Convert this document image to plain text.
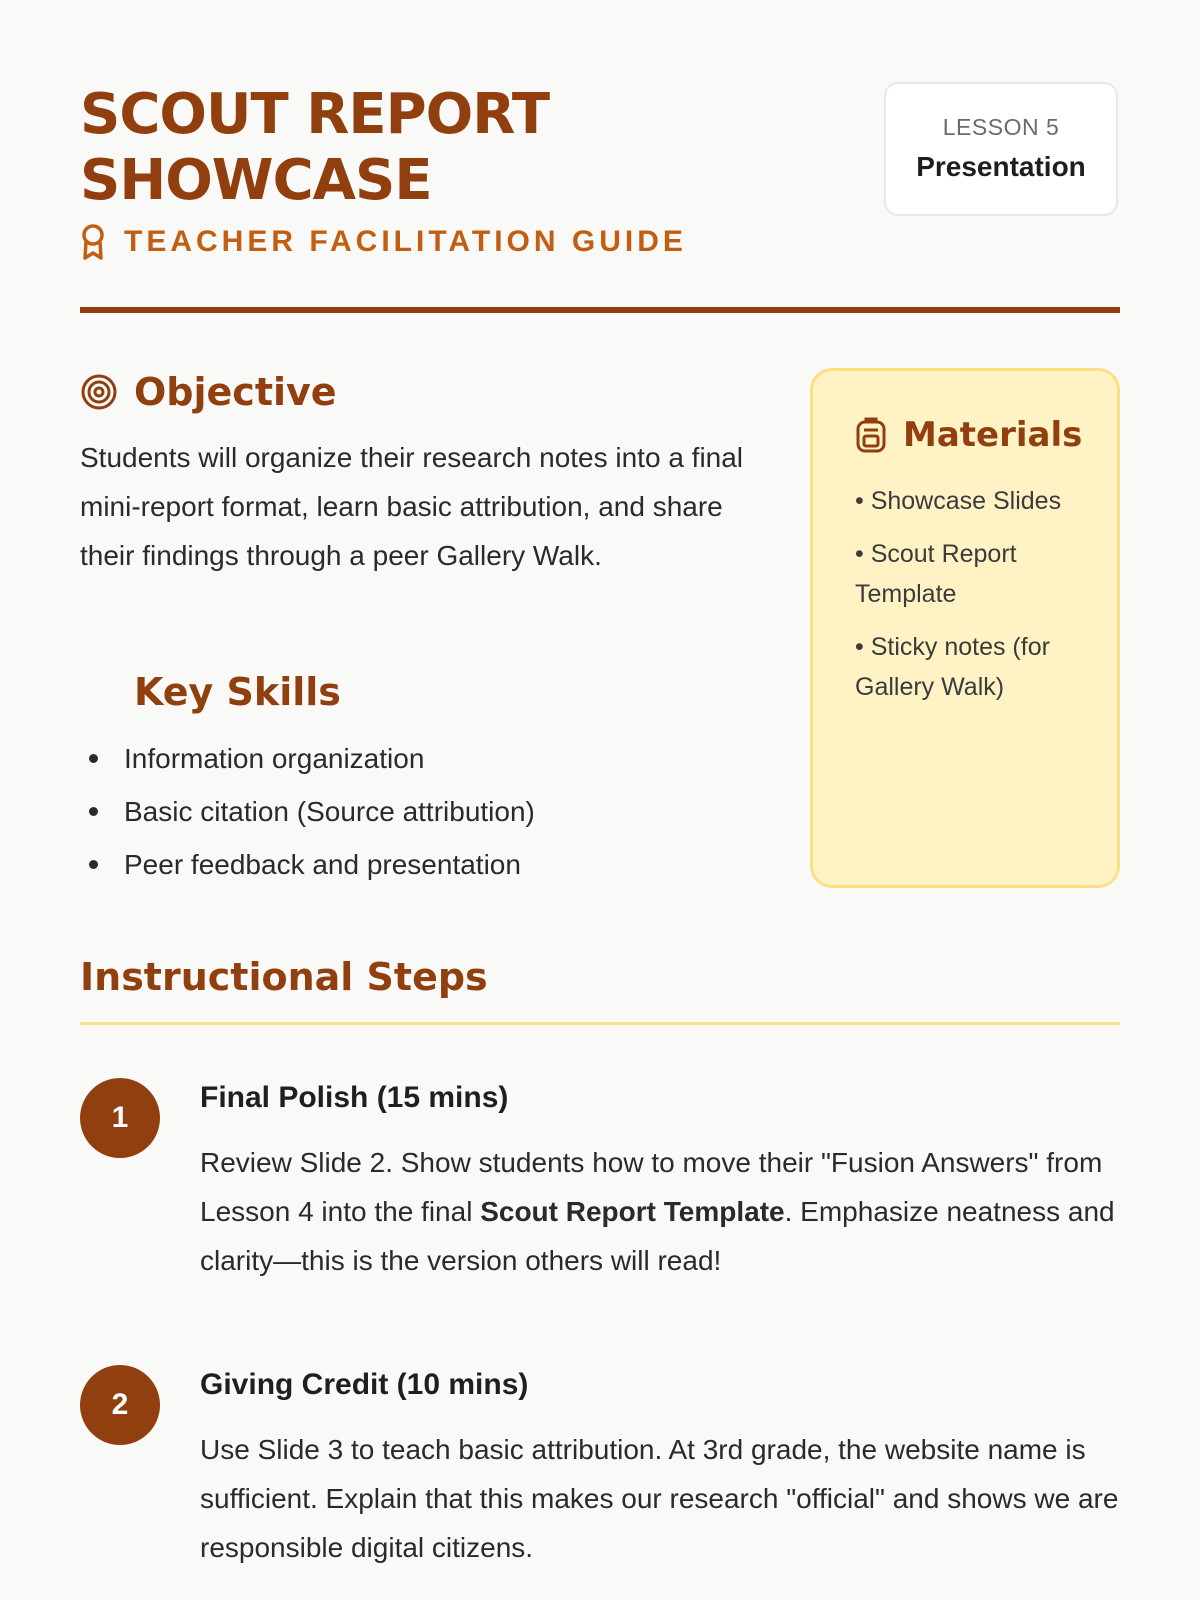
SCOUT REPORT
SHOWCASE
TEACHER FACILITATION GUIDE
LESSON 5
Presentation
Objective

Students will organize their research notes into a final mini-report format, learn basic attribution, and share their findings through a peer Gallery Walk.

Key Skills
Information organization
Basic citation (Source attribution)
Peer feedback and presentation
Materials
• Showcase Slides
• Scout Report Template
• Sticky notes (for Gallery Walk)
Instructional Steps
1
Final Polish (15 mins)

Review Slide 2. Show students how to move their "Fusion Answers" from Lesson 4 into the final Scout Report Template. Emphasize neatness and clarity—this is the version others will read!

2
Giving Credit (10 mins)

Use Slide 3 to teach basic attribution. At 3rd grade, the website name is sufficient. Explain that this makes our research "official" and shows we are responsible digital citizens.
